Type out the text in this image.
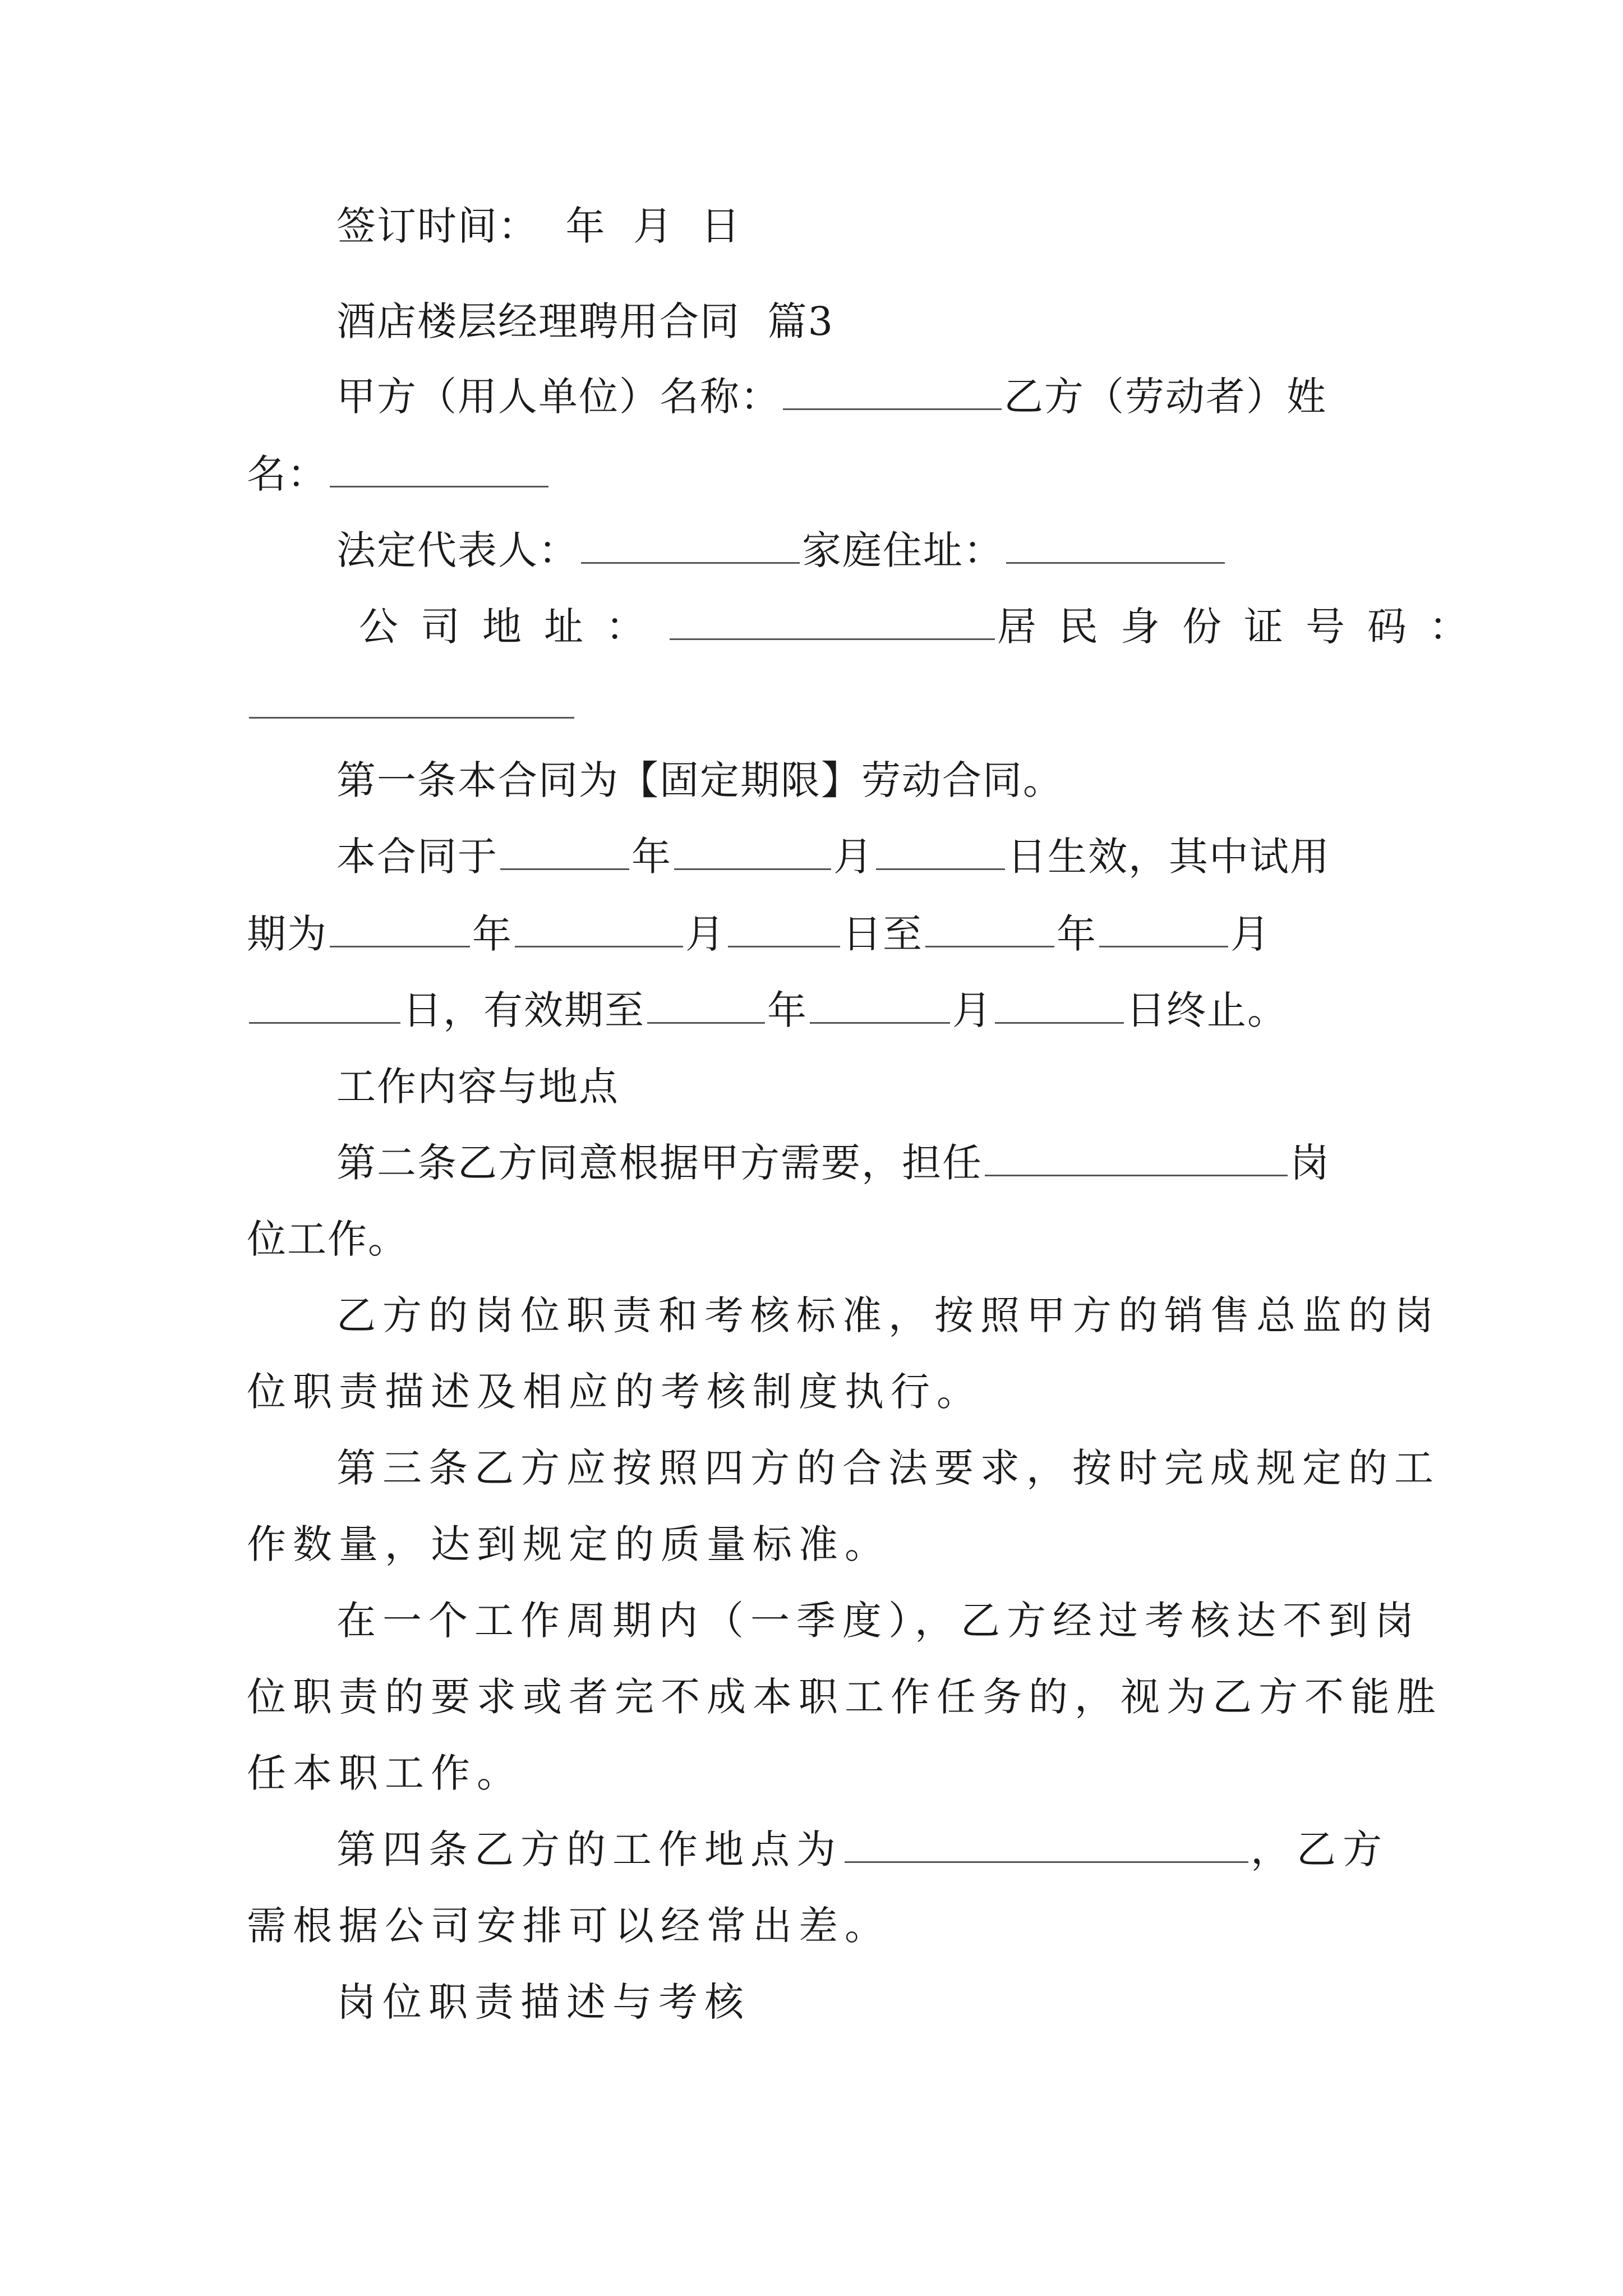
签订时间：  年  月  日
酒店楼层经理聘用合同  篇3
甲方（用人单位）名称：	乙方（劳动者）姓
名：
法定代表人：	家庭住址：
公司地址：	居民身份证号码：
第一条本合同为【固定期限】劳动合同。
本合同于	年	月	日生效，其中试用
期为	年	月	日至	年	月
日，有效期至	年	月	日终止。
工作内容与地点
第二条乙方同意根据甲方需要，担任	岗
位工作。
乙方的岗位职责和考核标准，按照甲方的销售总监的岗
位职责描述及相应的考核制度执行。
第三条乙方应按照四方的合法要求，按时完成规定的工
作数量，达到规定的质量标准。
在一个工作周期内（一季度），乙方经过考核达不到岗
位职责的要求或者完不成本职工作任务的，视为乙方不能胜
任本职工作。
第四条乙方的工作地点为	，乙方
需根据公司安排可以经常出差。
岗位职责描述与考核
